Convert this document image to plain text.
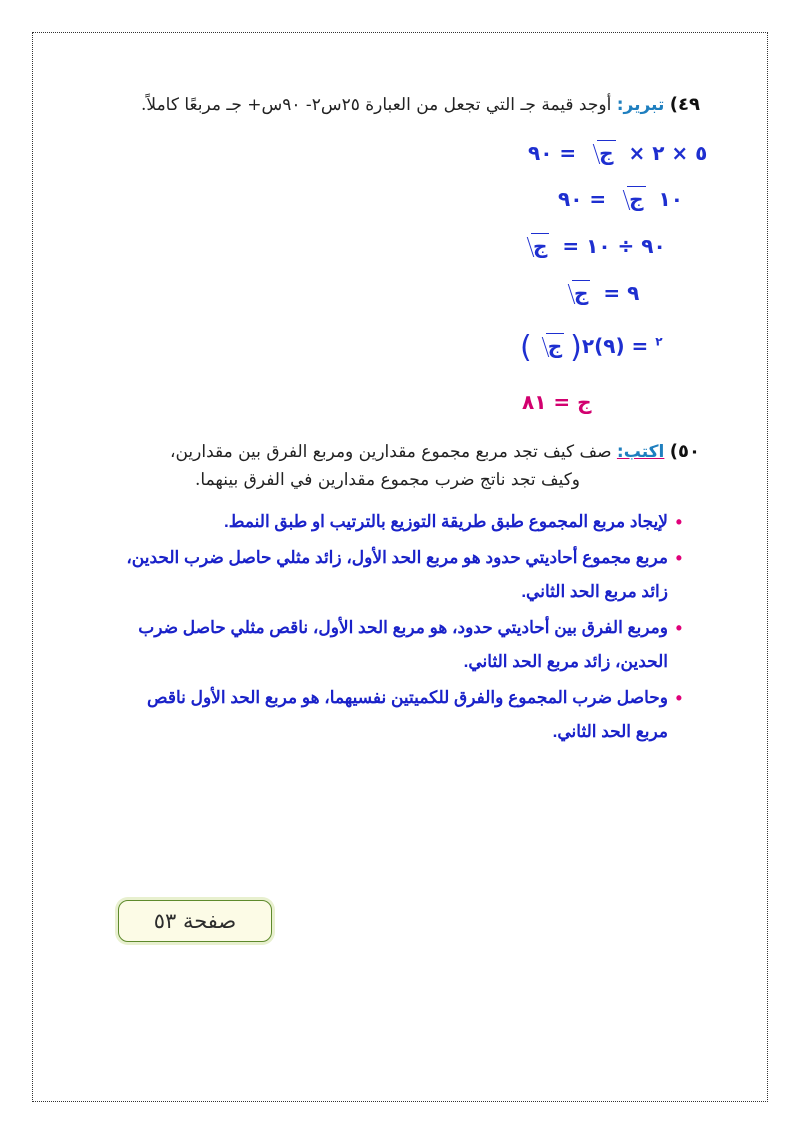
٤٩) تبرير: أوجد قيمة جـ التي تجعل من العبارة ٢٥س٢- ٩٠س+ جـ مربعًا كاملاً.
٥ × ٢ × ج = ٩٠
١٠ ج = ٩٠
ج = ٩٠ ÷ ١٠
ج = ٩
( ج )	$^٢$ = (٩)٢
ج = ٨١
٥٠) اكتب: صف كيف تجد مربع مجموع مقدارين ومربع الفرق بين مقدارين،
وكيف تجد ناتج ضرب مجموع مقدارين في الفرق بينهما.
• لإيجاد مربع المجموع طبق طريقة التوزيع بالترتيب او طبق النمط.
• مربع مجموع أحاديتي حدود هو مربع الحد الأول، زائد مثلي حاصل ضرب الحدين، زائد مربع الحد الثاني.
• ومربع الفرق بين أحاديتي حدود، هو مربع الحد الأول، ناقص مثلي حاصل ضرب الحدين، زائد مربع الحد الثاني.
• وحاصل ضرب المجموع والفرق للكميتين نفسيهما، هو مربع الحد الأول ناقص مربع الحد الثاني.
صفحة ٥٣
